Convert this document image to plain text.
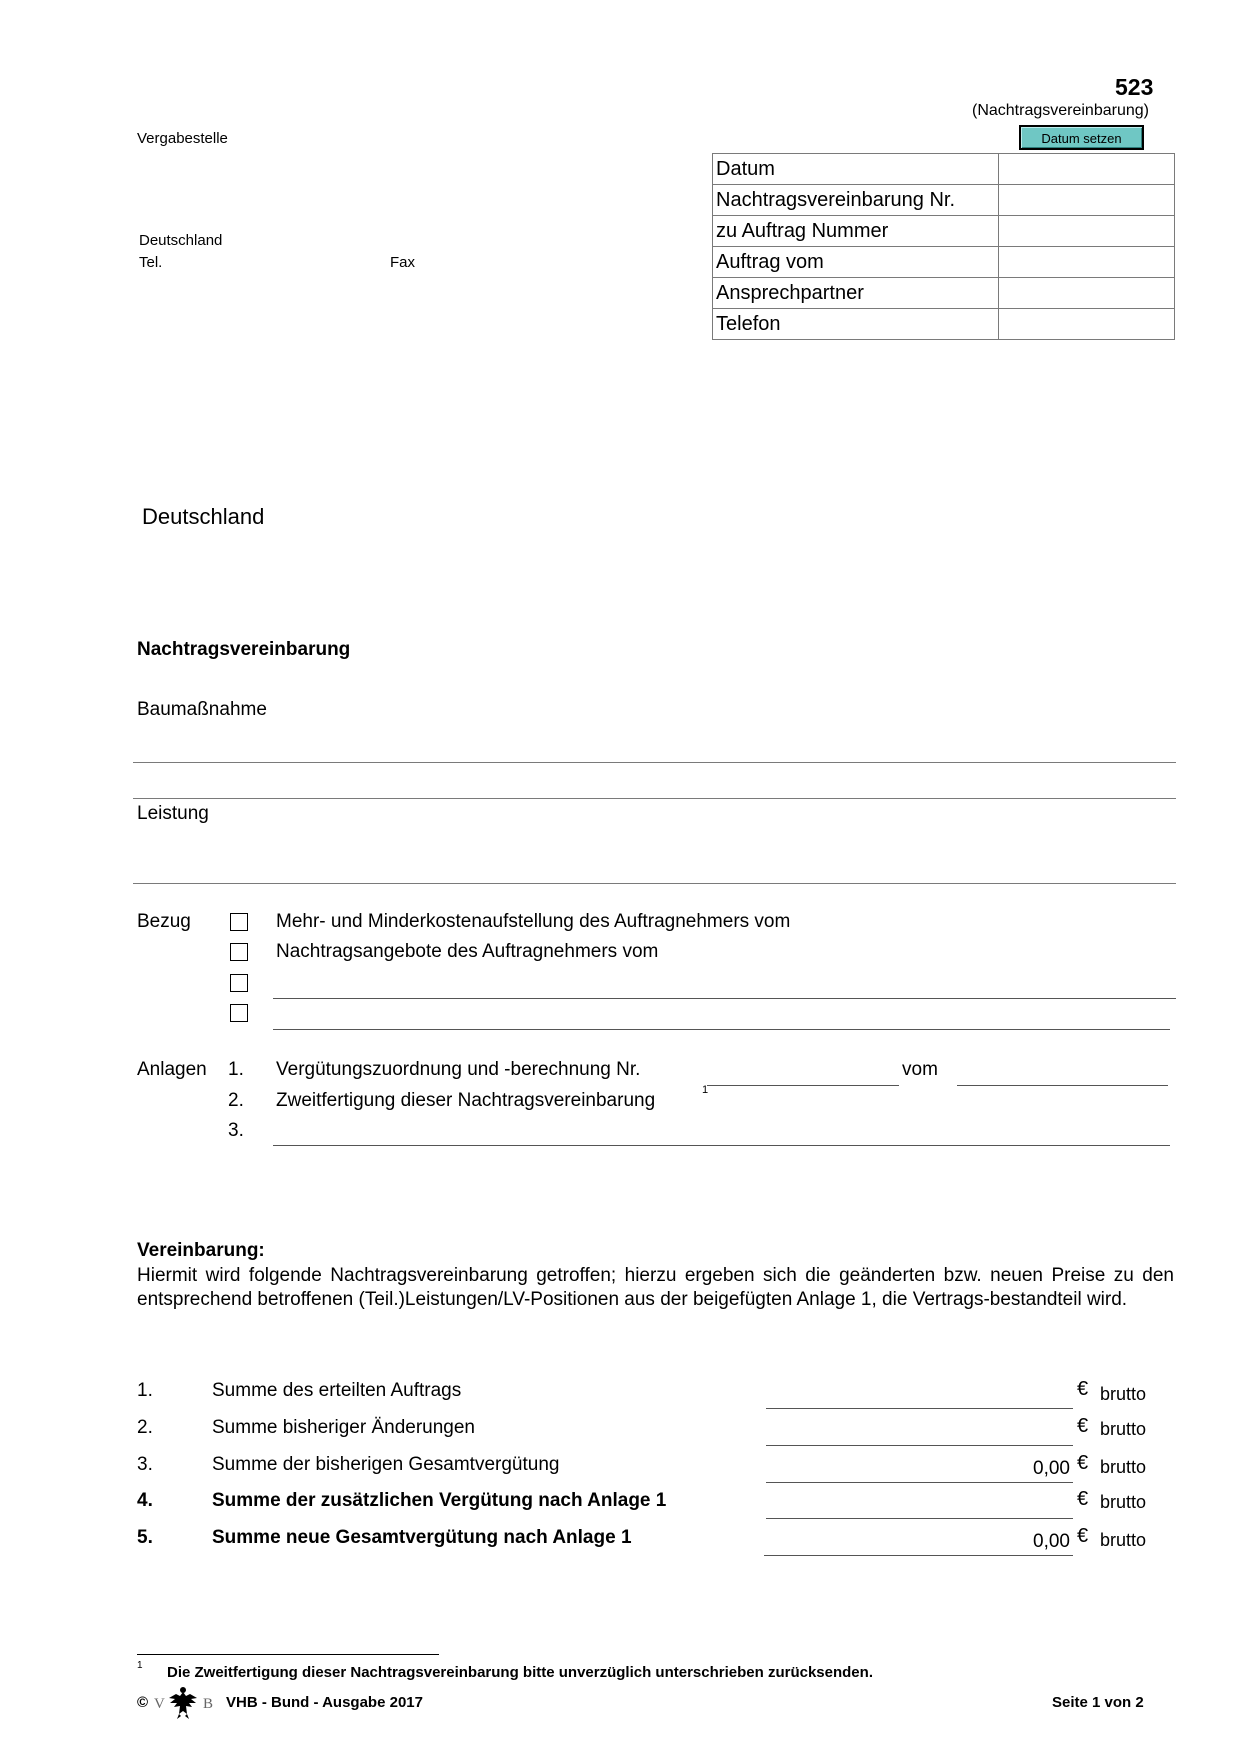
523
(Nachtragsvereinbarung)
Datum setzen
Vergabestelle
Deutschland
Tel.	Fax
Datum	
Nachtragsvereinbarung Nr.	
zu Auftrag Nummer	
Auftrag vom	
Ansprechpartner	
Telefon	
Deutschland
Nachtragsvereinbarung
Baumaßnahme
Leistung
Bezug	Mehr- und Minderkostenaufstellung des Auftragnehmers vom
Nachtragsangebote des Auftragnehmers vom
Anlagen 1. Vergütungszuordnung und -berechnung Nr.	vom
2. Zweitfertigung dieser Nachtragsvereinbarung	1
3.
Vereinbarung:
Hiermit wird folgende Nachtragsvereinbarung getroffen; hierzu ergeben sich die geänderten bzw. neuen Preise zu den entsprechend betroffenen (Teil.)Leistungen/LV-Positionen aus der beigefügten Anlage 1, die Vertrags-bestandteil wird.
1.	Summe des erteilten Auftrags	€ brutto
2.	Summe bisheriger Änderungen	€ brutto
3.	Summe der bisherigen Gesamtvergütung	0,00 € brutto
4.	Summe der zusätzlichen Vergütung nach Anlage 1	€ brutto
5.	Summe neue Gesamtvergütung nach Anlage 1	0,00 € brutto
1 Die Zweitfertigung dieser Nachtragsvereinbarung bitte unverzüglich unterschrieben zurücksenden.
© V	B VHB - Bund - Ausgabe 2017	Seite 1 von 2
